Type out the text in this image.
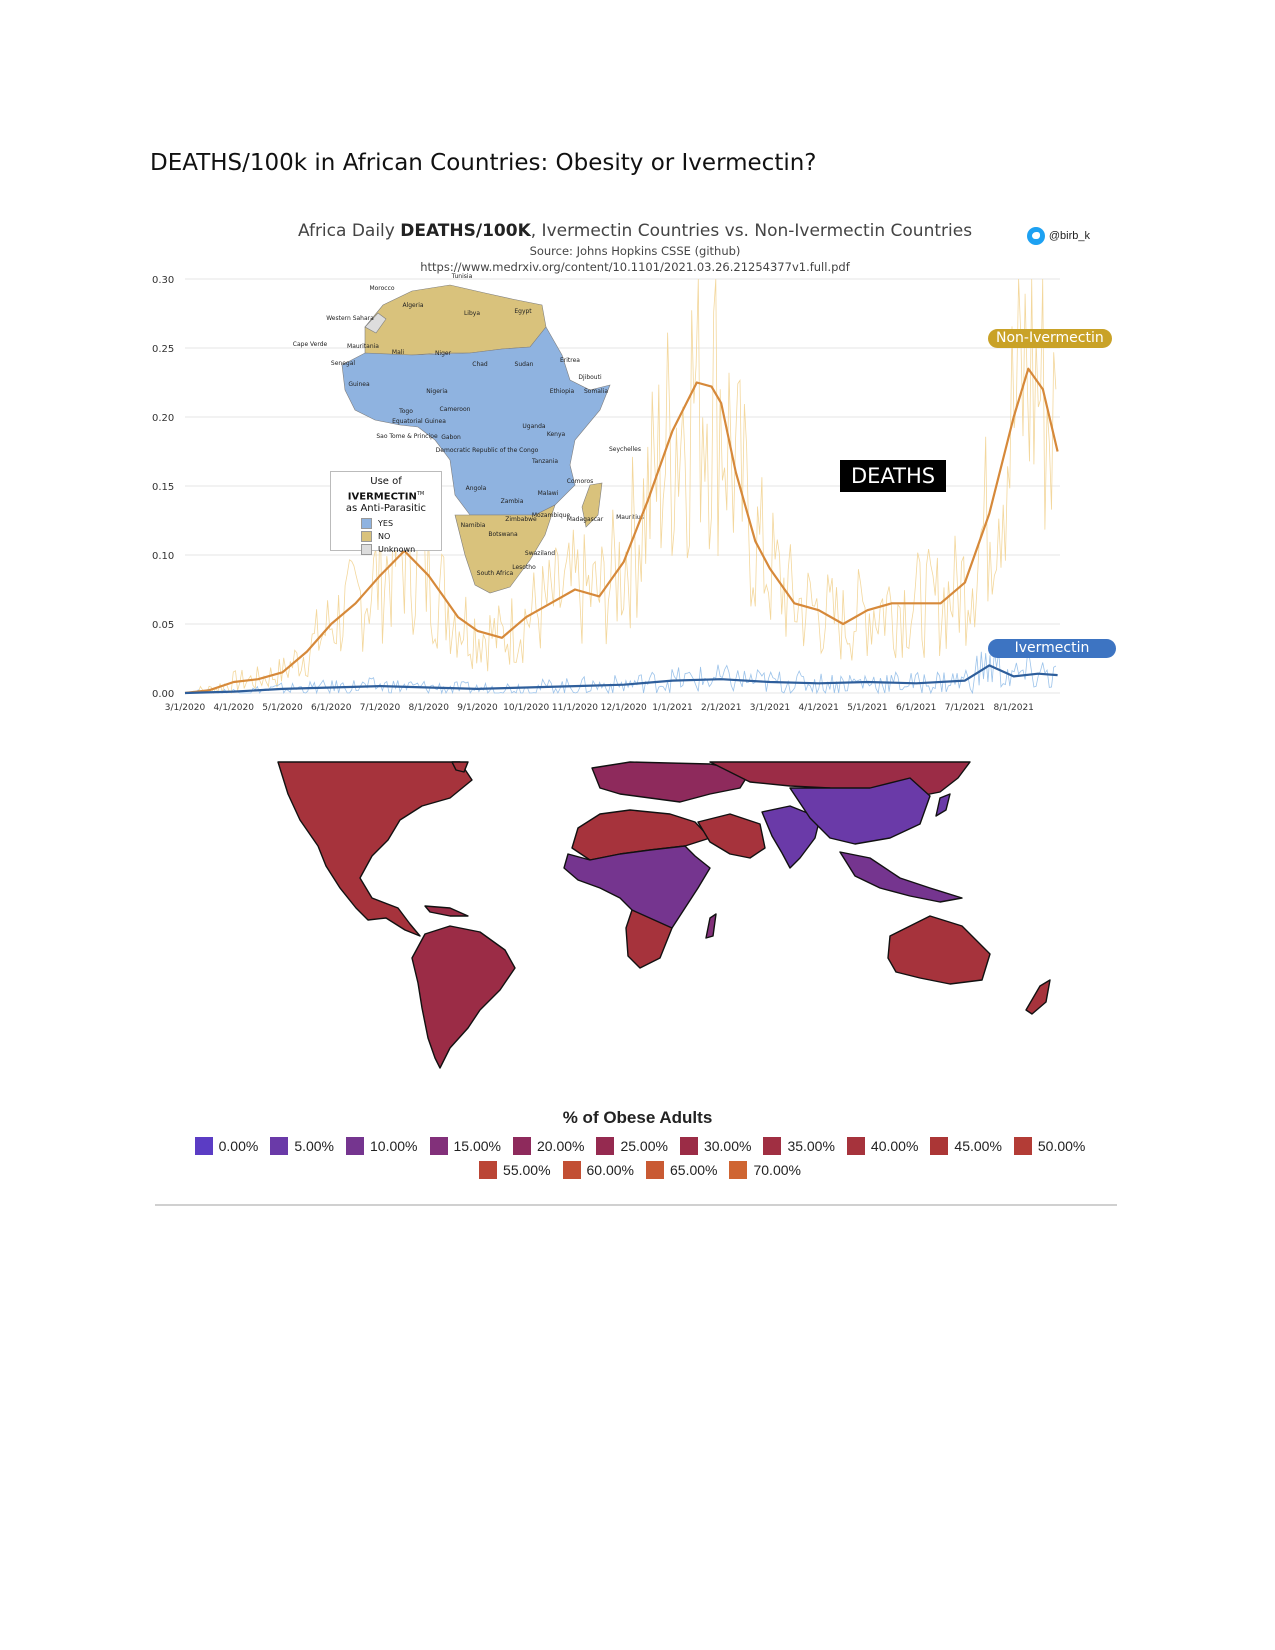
DEATHS/100k in African Countries: Obesity or Ivermectin?
Africa Daily DEATHS/100K, Ivermectin Countries vs. Non-Ivermectin Countries
Source: Johns Hopkins CSSE (github)
https://www.medrxiv.org/content/10.1101/2021.03.26.21254377v1.full.pdf
@birb_k
Tunisia
Morocco
Algeria
Libya	Egypt
Western Sahara
Mauritania
Mali	Niger
Chad	Sudan
Eritrea
Djibouti
Ethiopia Somalia
Nigeria
Kenya
Democratic Republic of the Congo
Tanzania
Angola
Zambia
Malawi
Mozambique
Zimbabwe
Namibia
Botswana
Madagascar
South Africa
Seychelles
Comoros
Mauritius
Cape Verde
Gabon
Cameroon
Sao Tome & Principe
Equatorial Guinea
Togo
Uganda
Swaziland
Lesotho
Senegal
Guinea
0.00
0.05
0.10
0.15
0.20
0.25
0.30
3/1/2020 4/1/2020 5/1/2020 6/1/2020 7/1/2020 8/1/2020 9/1/2020 10/1/2020 11/1/2020 12/1/2020 1/1/2021 2/1/2021 3/1/2021 4/1/2021 5/1/2021 6/1/2021 7/1/2021 8/1/2021
Use of IVERMECTIN™
as Anti-Parasitic
YES
NO
Unknown
DEATHS
Non-Ivermectin
Ivermectin
% of Obese Adults
0.00%	5.00%	10.00%	15.00%	20.00%	25.00%	30.00%	35.00%	40.00%	45.00%	50.00%
55.00%	60.00%	65.00%	70.00%
